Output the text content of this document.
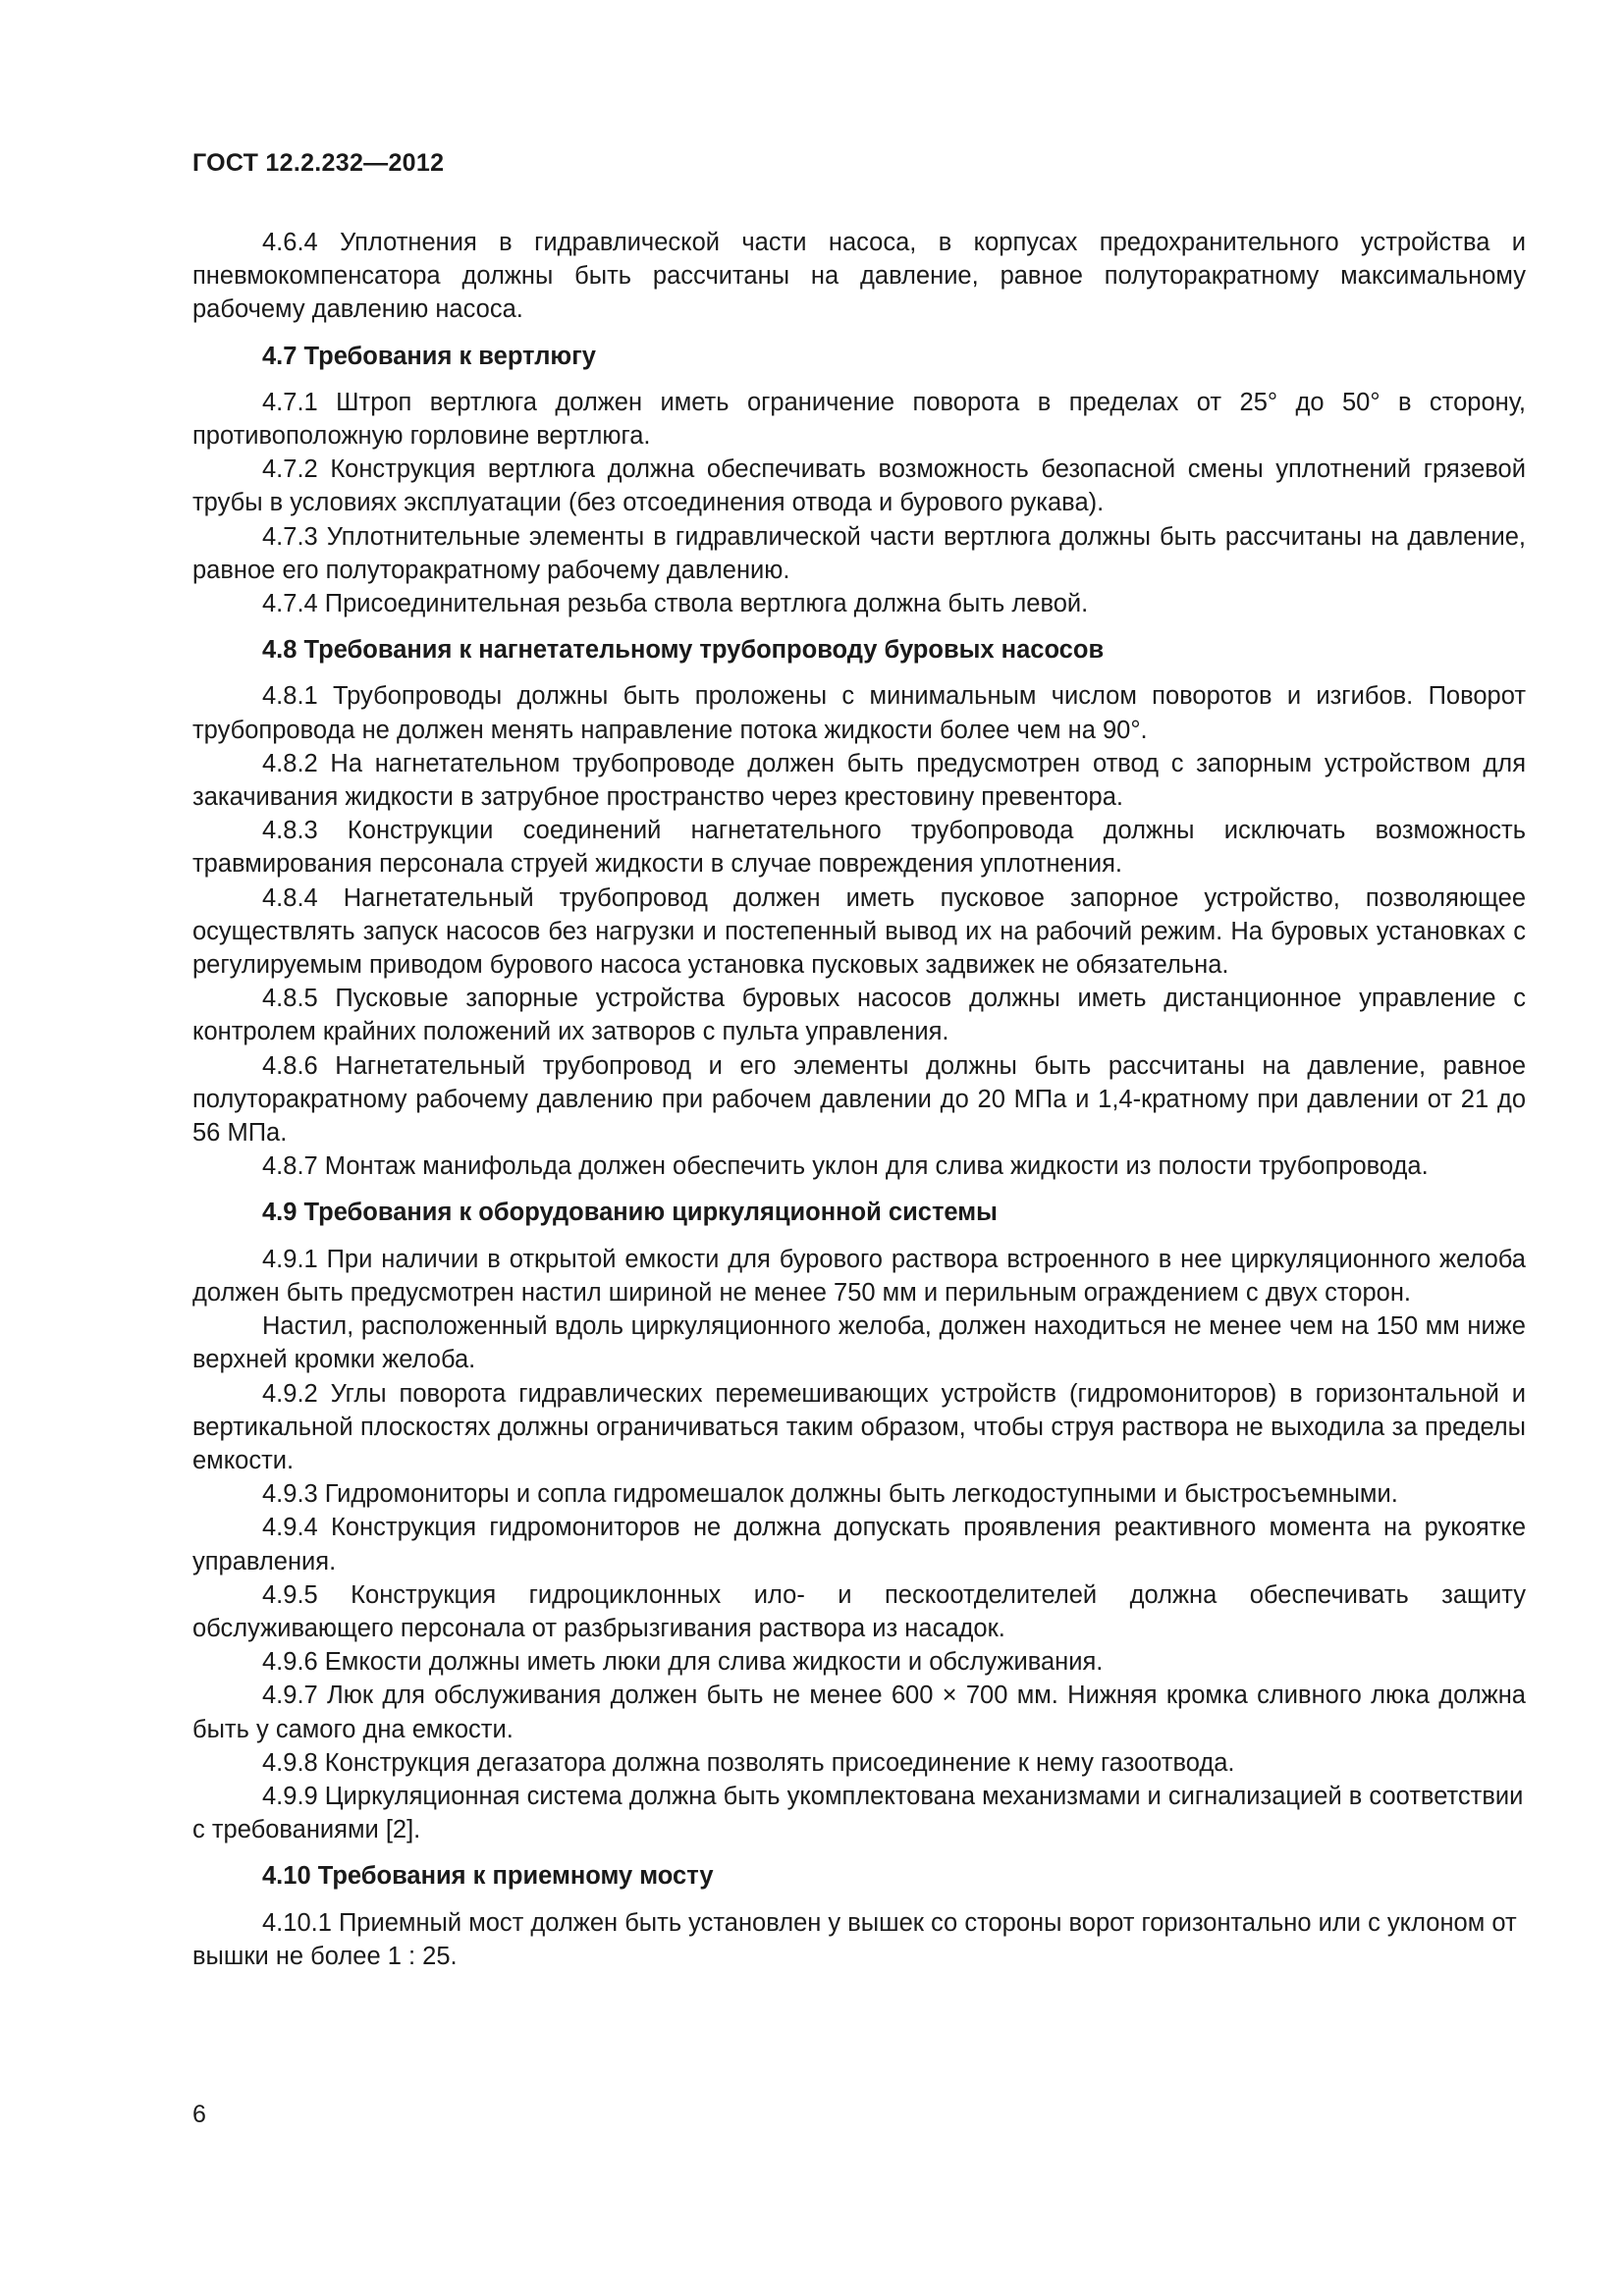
ГОСТ 12.2.232—2012

4.6.4 Уплотнения в гидравлической части насоса, в корпусах предохранительного устройства и пневмокомпенсатора должны быть рассчитаны на давление, равное полуторакратному максимальному рабочему давлению насоса.

4.7 Требования к вертлюгу

4.7.1 Штроп вертлюга должен иметь ограничение поворота в пределах от 25° до 50° в сторону, противоположную горловине вертлюга.

4.7.2 Конструкция вертлюга должна обеспечивать возможность безопасной смены уплотнений грязевой трубы в условиях эксплуатации (без отсоединения отвода и бурового рукава).

4.7.3 Уплотнительные элементы в гидравлической части вертлюга должны быть рассчитаны на давление, равное его полуторакратному рабочему давлению.

4.7.4 Присоединительная резьба ствола вертлюга должна быть левой.

4.8 Требования к нагнетательному трубопроводу буровых насосов

4.8.1 Трубопроводы должны быть проложены с минимальным числом поворотов и изгибов. Поворот трубопровода не должен менять направление потока жидкости более чем на 90°.

4.8.2 На нагнетательном трубопроводе должен быть предусмотрен отвод с запорным устройством для закачивания жидкости в затрубное пространство через крестовину превентора.

4.8.3 Конструкции соединений нагнетательного трубопровода должны исключать возможность травмирования персонала струей жидкости в случае повреждения уплотнения.

4.8.4 Нагнетательный трубопровод должен иметь пусковое запорное устройство, позволяющее осуществлять запуск насосов без нагрузки и постепенный вывод их на рабочий режим. На буровых установках с регулируемым приводом бурового насоса установка пусковых задвижек не обязательна.

4.8.5 Пусковые запорные устройства буровых насосов должны иметь дистанционное управление с контролем крайних положений их затворов с пульта управления.

4.8.6 Нагнетательный трубопровод и его элементы должны быть рассчитаны на давление, равное полуторакратному рабочему давлению при рабочем давлении до 20 МПа и 1,4-кратному при давлении от 21 до 56 МПа.

4.8.7 Монтаж манифольда должен обеспечить уклон для слива жидкости из полости трубопровода.

4.9 Требования к оборудованию циркуляционной системы

4.9.1 При наличии в открытой емкости для бурового раствора встроенного в нее циркуляционного желоба должен быть предусмотрен настил шириной не менее 750 мм и перильным ограждением с двух сторон.

Настил, расположенный вдоль циркуляционного желоба, должен находиться не менее чем на 150 мм ниже верхней кромки желоба.

4.9.2 Углы поворота гидравлических перемешивающих устройств (гидромониторов) в горизонтальной и вертикальной плоскостях должны ограничиваться таким образом, чтобы струя раствора не выходила за пределы емкости.

4.9.3 Гидромониторы и сопла гидромешалок должны быть легкодоступными и быстросъемными.

4.9.4 Конструкция гидромониторов не должна допускать проявления реактивного момента на рукоятке управления.

4.9.5 Конструкция гидроциклонных ило- и пескоотделителей должна обеспечивать защиту обслуживающего персонала от разбрызгивания раствора из насадок.

4.9.6 Емкости должны иметь люки для слива жидкости и обслуживания.

4.9.7 Люк для обслуживания должен быть не менее 600 × 700 мм. Нижняя кромка сливного люка должна быть у самого дна емкости.

4.9.8 Конструкция дегазатора должна позволять присоединение к нему газоотвода.

4.9.9 Циркуляционная система должна быть укомплектована механизмами и сигнализацией в соответствии с требованиями [2].

4.10 Требования к приемному мосту

4.10.1 Приемный мост должен быть установлен у вышек со стороны ворот горизонтально или с уклоном от вышки не более 1 : 25.

6
